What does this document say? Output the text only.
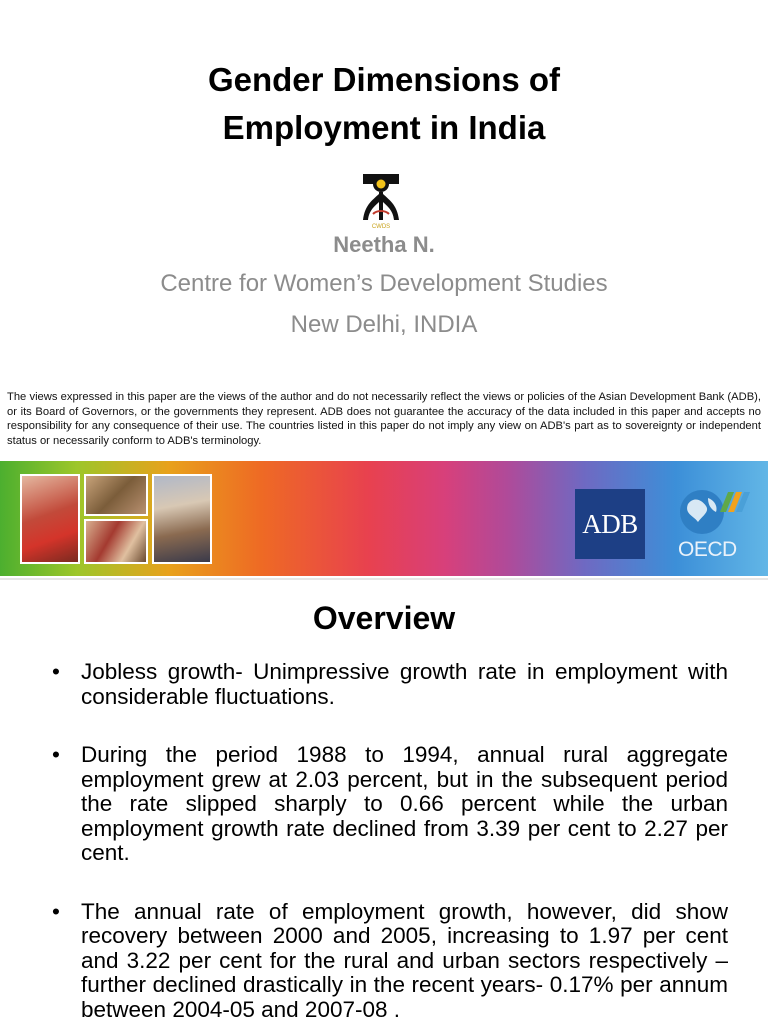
Gender Dimensions of
Employment in India
CWDS
Neetha N.
Centre for Women’s Development Studies
New Delhi, INDIA
The views expressed in this paper are the views of the author and do not necessarily reflect the views or policies of the Asian Development Bank (ADB), or its Board of Governors, or the governments they represent. ADB does not guarantee the accuracy of the data included in this paper and accepts no responsibility for any consequence of their use. The countries listed in this paper do not imply any view on ADB's part as to sovereignty or independent status or necessarily conform to ADB's terminology.
ADB
OECD
Overview
• Jobless growth- Unimpressive growth rate in employment with considerable fluctuations.
• During the period 1988 to 1994, annual rural aggregate employment grew at 2.03 percent, but in the subsequent period the rate slipped sharply to 0.66 percent while the urban employment growth rate declined from 3.39 per cent to 2.27 per cent.
• The annual rate of employment growth, however, did show recovery between 2000 and 2005, increasing to 1.97 per cent and 3.22 per cent for the rural and urban sectors respectively – further declined drastically in the recent years- 0.17% per annum between 2004-05 and 2007-08 .
